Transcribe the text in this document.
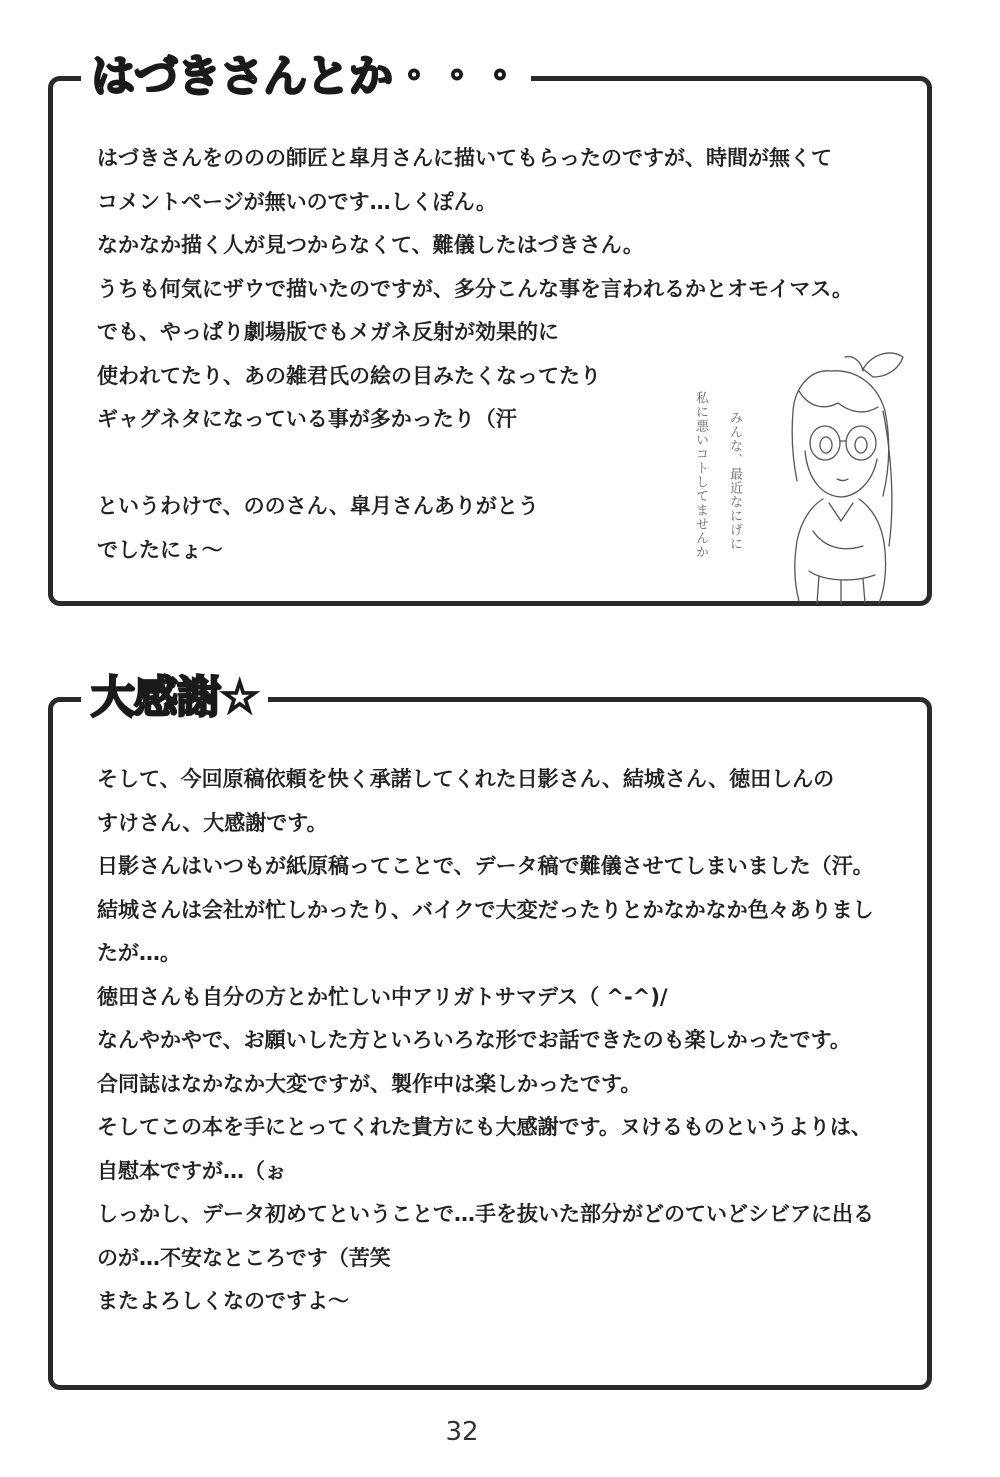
はづきさんとか・・・
はづきさんをののの師匠と皐月さんに描いてもらったのですが、時間が無くて
コメントページが無いのです…しくぽん。
なかなか描く人が見つからなくて、難儀したはづきさん。
うちも何気にザウで描いたのですが、多分こんな事を言われるかとオモイマス。
でも、やっぱり劇場版でもメガネ反射が効果的に
使われてたり、あの雑君氏の絵の目みたくなってたり
ギャグネタになっている事が多かったり（汗
というわけで、ののさん、皐月さんありがとう
でしたにょ～	みんな、最近なにげに
私に悪いコトしてませんか
大感謝☆
そして、今回原稿依頼を快く承諾してくれた日影さん、結城さん、徳田しんの
すけさん、大感謝です。
日影さんはいつもが紙原稿ってことで、データ稿で難儀させてしまいました（汗。
結城さんは会社が忙しかったり、バイクで大変だったりとかなかなか色々ありまし
たが…。
徳田さんも自分の方とか忙しい中アリガトサマデス（ ^-^)/
なんやかやで、お願いした方といろいろな形でお話できたのも楽しかったです。
合同誌はなかなか大変ですが、製作中は楽しかったです。
そしてこの本を手にとってくれた貴方にも大感謝です。ヌけるものというよりは、
自慰本ですが…（ぉ
しっかし、データ初めてということで…手を抜いた部分がどのていどシビアに出る
のが…不安なところです（苦笑
またよろしくなのですよ～
32
